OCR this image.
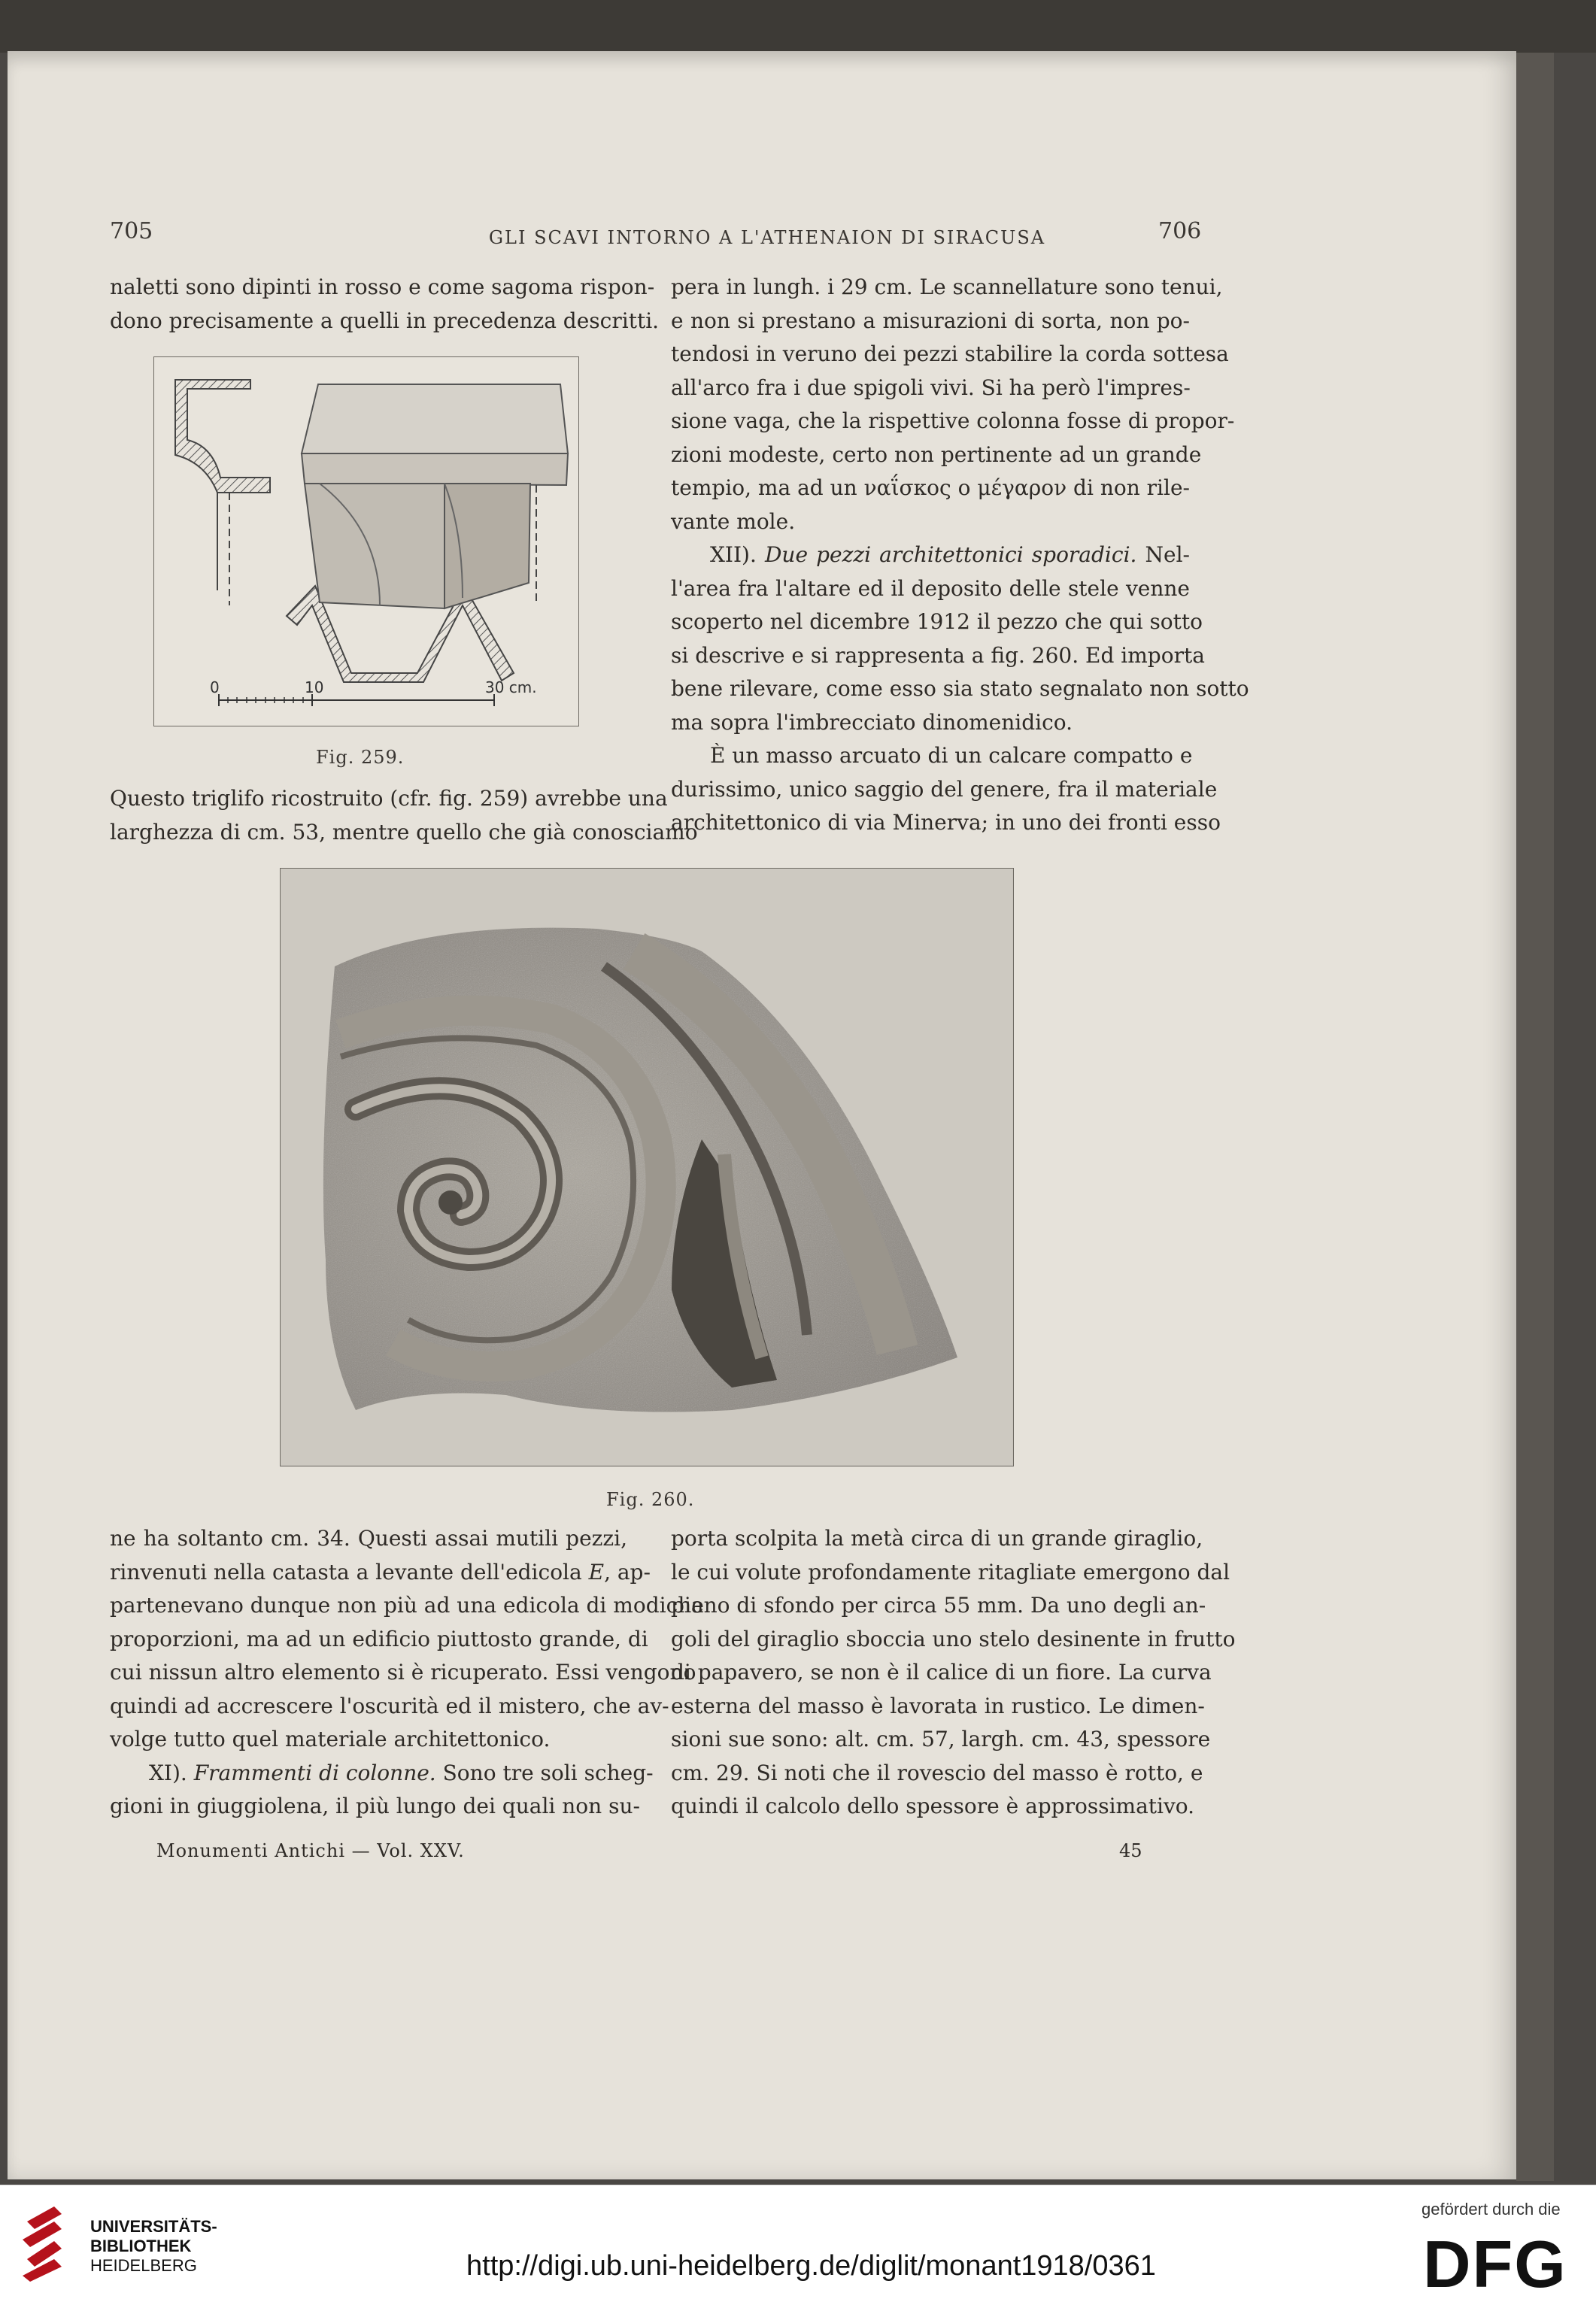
705	GLI SCAVI INTORNO A L'ATHENAION DI SIRACUSA	706
naletti sono dipinti in rosso e come sagoma rispon-
dono precisamente a quelli in precedenza descritti.
0	10	30 cm.
Fig. 259.
Questo triglifo ricostruito (cfr. fig. 259) avrebbe una
larghezza di cm. 53, mentre quello che già conosciamo
pera in lungh. i 29 cm. Le scannellature sono tenui,
e non si prestano a misurazioni di sorta, non po-
tendosi in veruno dei pezzi stabilire la corda sottesa
all'arco fra i due spigoli vivi. Si ha però l'impres-
sione vaga, che la rispettive colonna fosse di propor-
zioni modeste, certo non pertinente ad un grande
tempio, ma ad un ναΐσκος o μέγαρον di non rile-
vante mole.
XII). Due pezzi architettonici sporadici. Nel-
l'area fra l'altare ed il deposito delle stele venne
scoperto nel dicembre 1912 il pezzo che qui sotto
si descrive e si rappresenta a fig. 260. Ed importa
bene rilevare, come esso sia stato segnalato non sotto
ma sopra l'imbrecciato dinomenidico.
È un masso arcuato di un calcare compatto e
durissimo, unico saggio del genere, fra il materiale
architettonico di via Minerva; in uno dei fronti esso
Fig. 260.
ne ha soltanto cm. 34. Questi assai mutili pezzi,
rinvenuti nella catasta a levante dell'edicola E, ap-
partenevano dunque non più ad una edicola di modiche
proporzioni, ma ad un edificio piuttosto grande, di
cui nissun altro elemento si è ricuperato. Essi vengono
quindi ad accrescere l'oscurità ed il mistero, che av-
volge tutto quel materiale architettonico.
XI). Frammenti di colonne. Sono tre soli scheg-
gioni in giuggiolena, il più lungo dei quali non su-
porta scolpita la metà circa di un grande giraglio,
le cui volute profondamente ritagliate emergono dal
piano di sfondo per circa 55 mm. Da uno degli an-
goli del giraglio sboccia uno stelo desinente in frutto
di papavero, se non è il calice di un fiore. La curva
esterna del masso è lavorata in rustico. Le dimen-
sioni sue sono: alt. cm. 57, largh. cm. 43, spessore
cm. 29. Si noti che il rovescio del masso è rotto, e
quindi il calcolo dello spessore è approssimativo.
Monumenti Antichi — Vol. XXV.	45
UNIVERSITÄTS-
BIBLIOTHEK
HEIDELBERG	http://digi.ub.uni-heidelberg.de/diglit/monant1918/0361
gefördert durch die
DFG
